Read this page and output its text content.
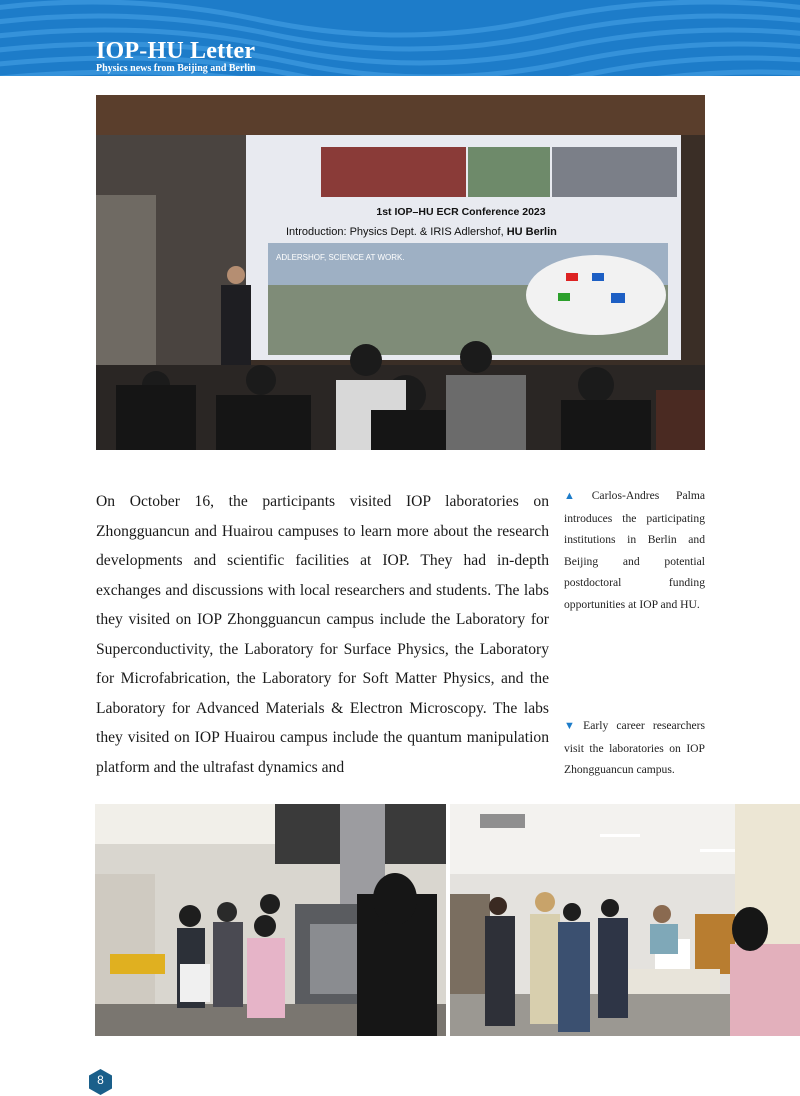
IOP-HU Letter
Physics news from Beijing and Berlin
1st IOP–HU ECR Conference 2023
Introduction: Physics Dept. & IRIS Adlershof, HU Berlin
ADLERSHOF, SCIENCE AT WORK.
On October 16, the participants visited IOP laboratories on Zhongguancun and Huairou campuses to learn more about the research developments and scientific facilities at IOP. They had in-depth exchanges and discussions with local researchers and students. The labs they visited on IOP Zhongguancun campus include the Laboratory for Superconductivity, the Laboratory for Surface Physics, the Laboratory for Microfabrication, the Laboratory for Soft Matter Physics, and the Laboratory for Advanced Materials & Electron Microscopy. The labs they visited on IOP Huairou campus include the quantum manipulation platform and the ultrafast dynamics and
▲ Carlos-Andres Palma introduces the participating institutions in Berlin and Beijing and potential postdoctoral funding opportunities at IOP and HU.
▼ Early career researchers visit the laboratories on IOP Zhongguancun campus.
8
